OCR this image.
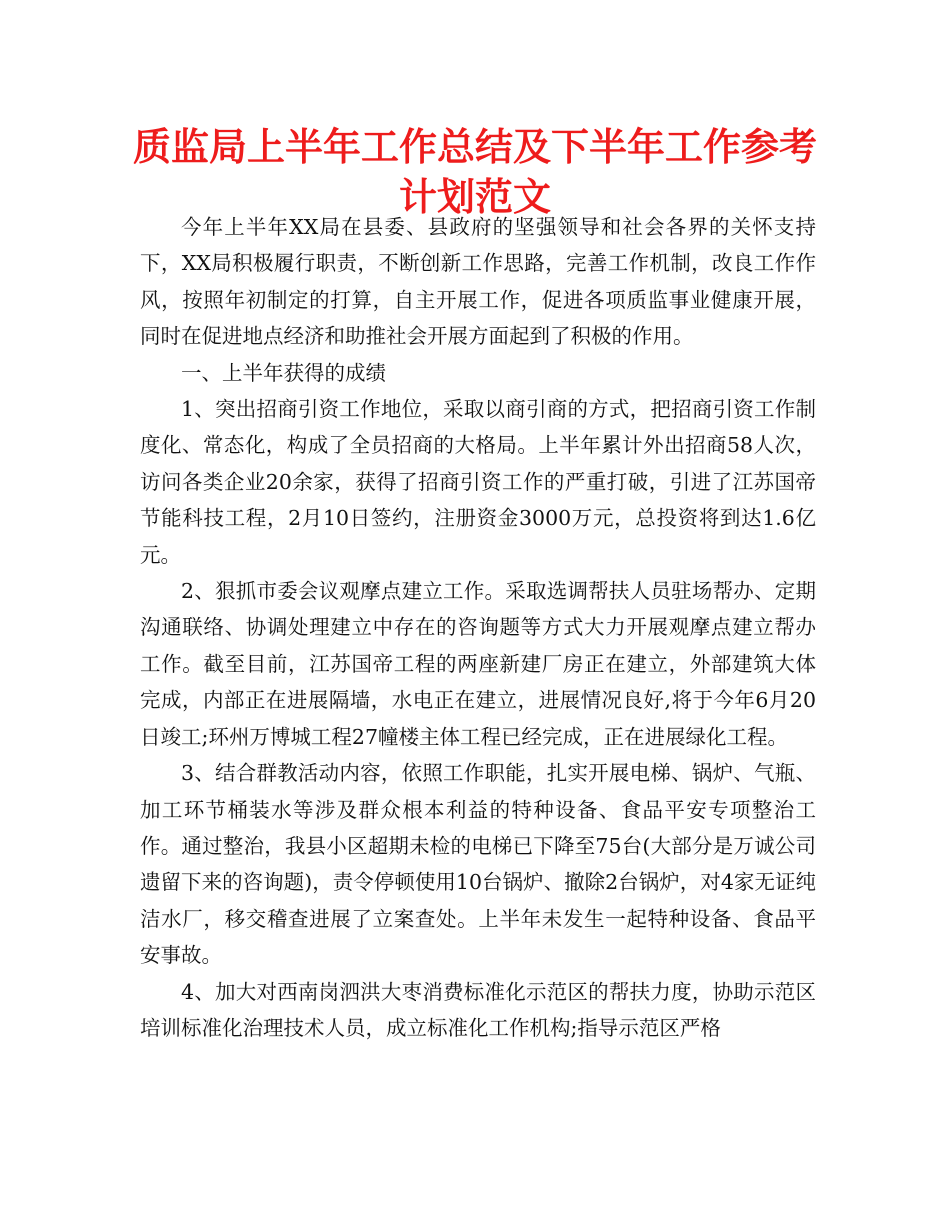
质监局上半年工作总结及下半年工作参考
计划范文

今年上半年XX局在县委、县政府的坚强领导和社会各界的关怀支持下，XX局积极履行职责，不断创新工作思路，完善工作机制，改良工作作风，按照年初制定的打算，自主开展工作，促进各项质监事业健康开展，同时在促进地点经济和助推社会开展方面起到了积极的作用。

一、上半年获得的成绩

1、突出招商引资工作地位，采取以商引商的方式，把招商引资工作制度化、常态化，构成了全员招商的大格局。上半年累计外出招商58人次，访问各类企业20余家，获得了招商引资工作的严重打破，引进了江苏国帝节能科技工程，2月10日签约，注册资金3000万元，总投资将到达1.6亿元。

2、狠抓市委会议观摩点建立工作。采取选调帮扶人员驻场帮办、定期沟通联络、协调处理建立中存在的咨询题等方式大力开展观摩点建立帮办工作。截至目前，江苏国帝工程的两座新建厂房正在建立，外部建筑大体完成，内部正在进展隔墙，水电正在建立，进展情况良好,将于今年6月20日竣工;环州万博城工程27幢楼主体工程已经完成，正在进展绿化工程。

3、结合群教活动内容，依照工作职能，扎实开展电梯、锅炉、气瓶、加工环节桶装水等涉及群众根本利益的特种设备、食品平安专项整治工作。通过整治，我县小区超期未检的电梯已下降至75台(大部分是万诚公司遗留下来的咨询题)，责令停顿使用10台锅炉、撤除2台锅炉，对4家无证纯洁水厂，移交稽查进展了立案查处。上半年未发生一起特种设备、食品平安事故。

4、加大对西南岗泗洪大枣消费标准化示范区的帮扶力度，协助示范区培训标准化治理技术人员，成立标准化工作机构;指导示范区严格
